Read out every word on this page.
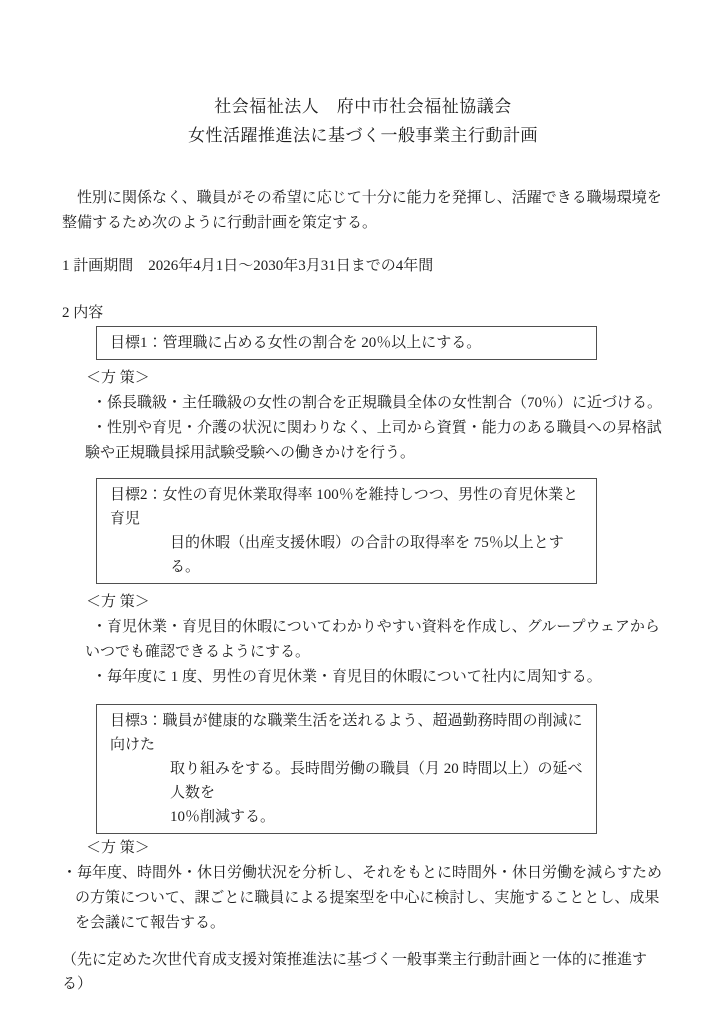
社会福祉法人　府中市社会福祉協議会
女性活躍推進法に基づく一般事業主行動計画

　性別に関係なく、職員がその希望に応じて十分に能力を発揮し、活躍できる職場環境を整備するため次のように行動計画を策定する。

1 計画期間　2026年4月1日～2030年3月31日までの4年間

2 内容

目標1：管理職に占める女性の割合を 20％以上にする。

＜方 策＞

・係長職級・主任職級の女性の割合を正規職員全体の女性割合（70％）に近づける。

・性別や育児・介護の状況に関わりなく、上司から資質・能力のある職員への昇格試験や正規職員採用試験受験への働きかけを行う。

目標2：女性の育児休業取得率 100％を維持しつつ、男性の育児休業と育児
目的休暇（出産支援休暇）の合計の取得率を 75％以上とする。

＜方 策＞

・育児休業・育児目的休暇についてわかりやすい資料を作成し、グループウェアからいつでも確認できるようにする。

・毎年度に 1 度、男性の育児休業・育児目的休暇について社内に周知する。

目標3：職員が健康的な職業生活を送れるよう、超過勤務時間の削減に向けた
取り組みをする。長時間労働の職員（月 20 時間以上）の延べ人数を
10％削減する。

＜方 策＞

・毎年度、時間外・休日労働状況を分析し、それをもとに時間外・休日労働を減らすための方策について、課ごとに職員による提案型を中心に検討し、実施することとし、成果を会議にて報告する。

（先に定めた次世代育成支援対策推進法に基づく一般事業主行動計画と一体的に推進する）
